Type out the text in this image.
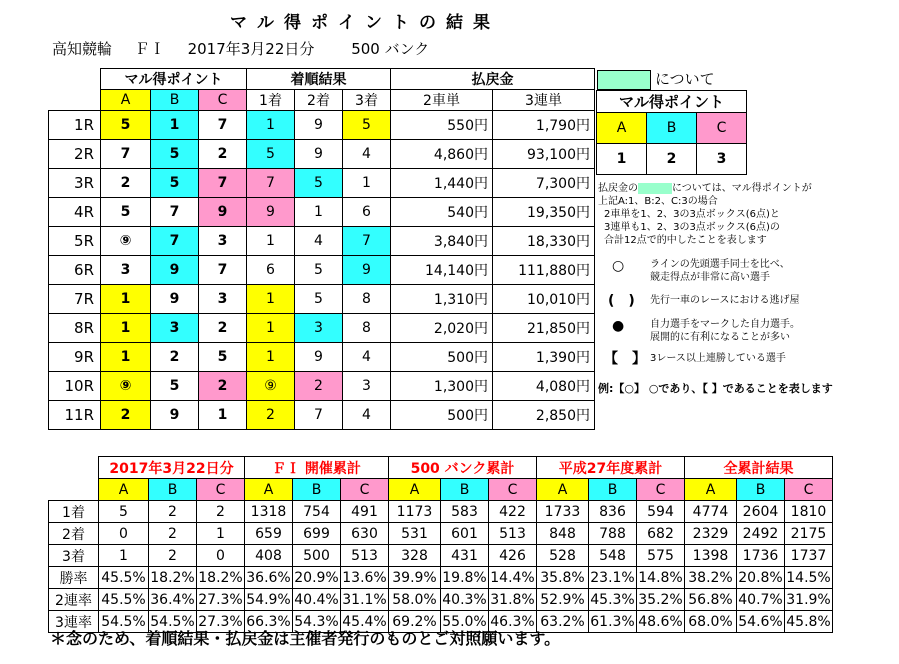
マル得ポイントの結果
高知競輪 ＦＩ 2017年3月22日分 500 バンク
	マル得ポイント			着順結果			払戻金	
	A	B	C	1着	2着	3着	2車単	3連単
1R	5	1	7	1	9	5	550円	1,790円
2R	7	5	2	5	9	4	4,860円	93,100円
3R	2	5	7	7	5	1	1,440円	7,300円
4R	5	7	9	9	1	6	540円	19,350円
5R	⑨	7	3	1	4	7	3,840円	18,330円
6R	3	9	7	6	5	9	14,140円	111,880円
7R	1	9	3	1	5	8	1,310円	10,010円
8R	1	3	2	1	3	8	2,020円	21,850円
9R	1	2	5	1	9	4	500円	1,390円
10R	⑨	5	2	⑨	2	3	1,300円	4,080円
11R	2	9	1	2	7	4	500円	2,850円
について		
マル得ポイント		
A	B	C
1	2	3
払戻金の	については、マル得ポイントが
上記A:1、B:2、C:3の場合
2車単を1、2、3の3点ボックス(6点)と
3連単も1、2、3の3点ボックス(6点)の
合計12点で的中したことを表します
○	ラインの先頭選手同士を比べ、
競走得点が非常に高い選手
(　) 先行一車のレースにおける逃げ屋
●	自力選手をマークした自力選手。
展開的に有利になることが多い
【　】 3レース以上連勝している選手
例:【○】 ○であり、【 】であることを表します
	2017年3月22日分			ＦＩ 開催累計			500 バンク累計			平成27年度累計			全累計結果		
	A	B	C	A	B	C	A	B	C	A	B	C	A	B	C
1着	5	2	2	1318	754	491	1173	583	422	1733	836	594	4774	2604	1810
2着	0	2	1	659	699	630	531	601	513	848	788	682	2329	2492	2175
3着	1	2	0	408	500	513	328	431	426	528	548	575	1398	1736	1737
勝率	45.5%	18.2%	18.2%	36.6%	20.9%	13.6%	39.9%	19.8%	14.4%	35.8%	23.1%	14.8%	38.2%	20.8%	14.5%
2連率	45.5%	36.4%	27.3%	54.9%	40.4%	31.1%	58.0%	40.3%	31.8%	52.9%	45.3%	35.2%	56.8%	40.7%	31.9%
3連率	54.5%	54.5%	27.3%	66.3%	54.3%	45.4%	69.2%	55.0%	46.3%	63.2%	61.3%	48.6%	68.0%	54.6%	45.8%
＊念のため、着順結果・払戻金は主催者発行のものとご対照願います。
